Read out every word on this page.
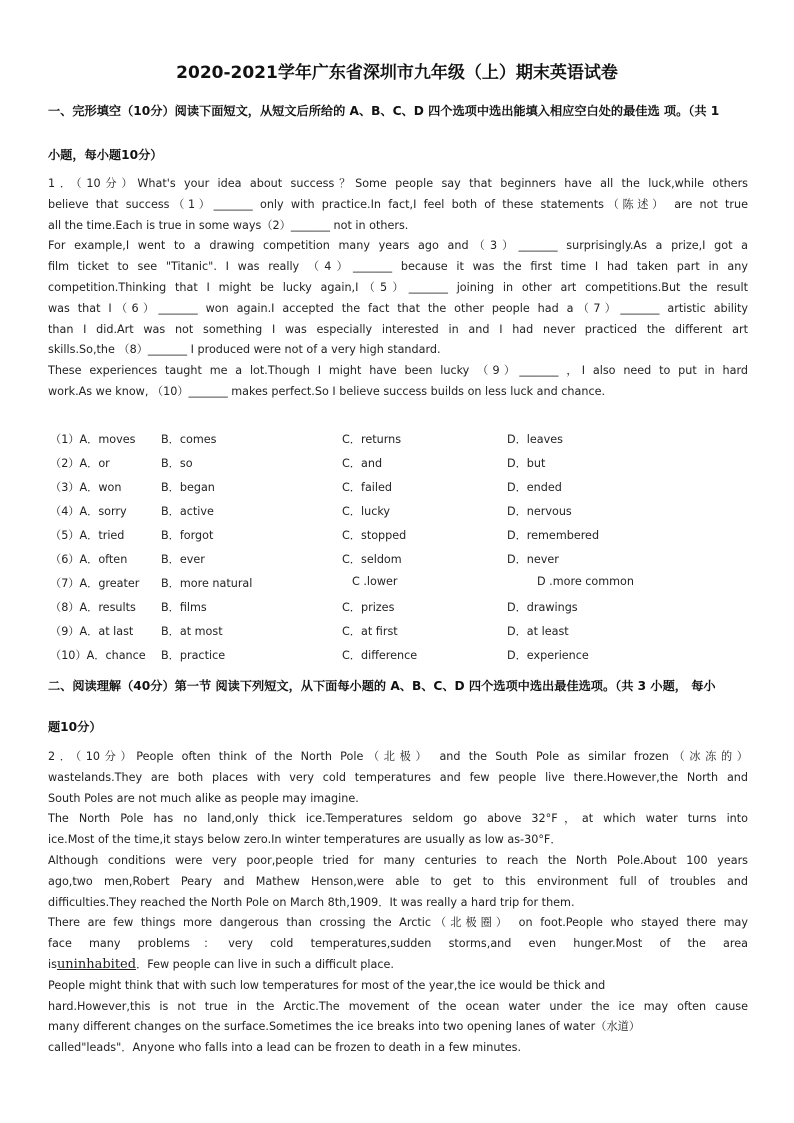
2020-2021学年广东省深圳市九年级（上）期末英语试卷
一、完形填空（10分）阅读下面短文，从短文后所给的 A、B、C、D 四个选项中选出能填入相应空白处的最佳选 项。（共 1
小题，每小题10分）
1．（10分）What's your idea about success？Some people say that beginners have all the luck,while others
believe that success（1）_______ only with practice.In fact,I feel both of these statements（陈述） are not true
all the time.Each is true in some ways（2）_______ not in others.
For example,I went to a drawing competition many years ago and（3）_______ surprisingly.As a prize,I got a
film ticket to see "Titanic". I was really （4）_______ because it was the first time I had taken part in any
competition.Thinking that I might be lucky again,I（5）_______ joining in other art competitions.But the result
was that I（6）_______ won again.I accepted the fact that the other people had a（7）_______ artistic ability
than I did.Art was not something I was especially interested in and I had never practiced the different art
skills.So,the （8）_______ I produced were not of a very high standard.
These experiences taught me a lot.Though I might have been lucky （9）_______ ，I also need to put in hard
work.As we know, （10）_______ makes perfect.So I believe success builds on less luck and chance.
（1）A．moves B．comes	C．returns	D．leaves
（2）A．or	B．so	C．and	D．but
（3）A．won	B．began	C．failed	D．ended
（4）A．sorry	B．active	C．lucky	D．nervous
（5）A．tried	B．forgot	C．stopped	D．remembered
（6）A．often	B．ever	C．seldom	D．never
（7）A．greater B．more natural	C .lower	D .more common
（8）A．results B．films	C．prizes	D．drawings
（9）A．at last B．at most	C．at first	D．at least
（10）A．chance B．practice	C．difference	D．experience
二、阅读理解（40分）第一节 阅读下列短文，从下面每小题的 A、B、C、D 四个选项中选出最佳选项。（共 3 小题， 每小
题10分）
2．（10分）People often think of the North Pole（北极） and the South Pole as similar frozen（冰冻的）
wastelands.They are both places with very cold temperatures and few people live there.However,the North and
South Poles are not much alike as people may imagine.
The North Pole has no land,only thick ice.Temperatures seldom go above 32°F，at which water turns into
ice.Most of the time,it stays below zero.In winter temperatures are usually as low as-30°F．
Although conditions were very poor,people tried for many centuries to reach the North Pole.About 100 years
ago,two men,Robert Peary and Mathew Henson,were able to get to this environment full of troubles and
difficulties.They reached the North Pole on March 8th,1909．It was really a hard trip for them.
There are few things more dangerous than crossing the Arctic（北极圈） on foot.People who stayed there may
face many problems：very cold temperatures,sudden storms,and even hunger.Most of the area
isuninhabited．Few people can live in such a difficult place.
People might think that with such low temperatures for most of the year,the ice would be thick and
hard.However,this is not true in the Arctic.The movement of the ocean water under the ice may often cause
many different changes on the surface.Sometimes the ice breaks into two opening lanes of water（水道）
called"leads"．Anyone who falls into a lead can be frozen to death in a few minutes.
